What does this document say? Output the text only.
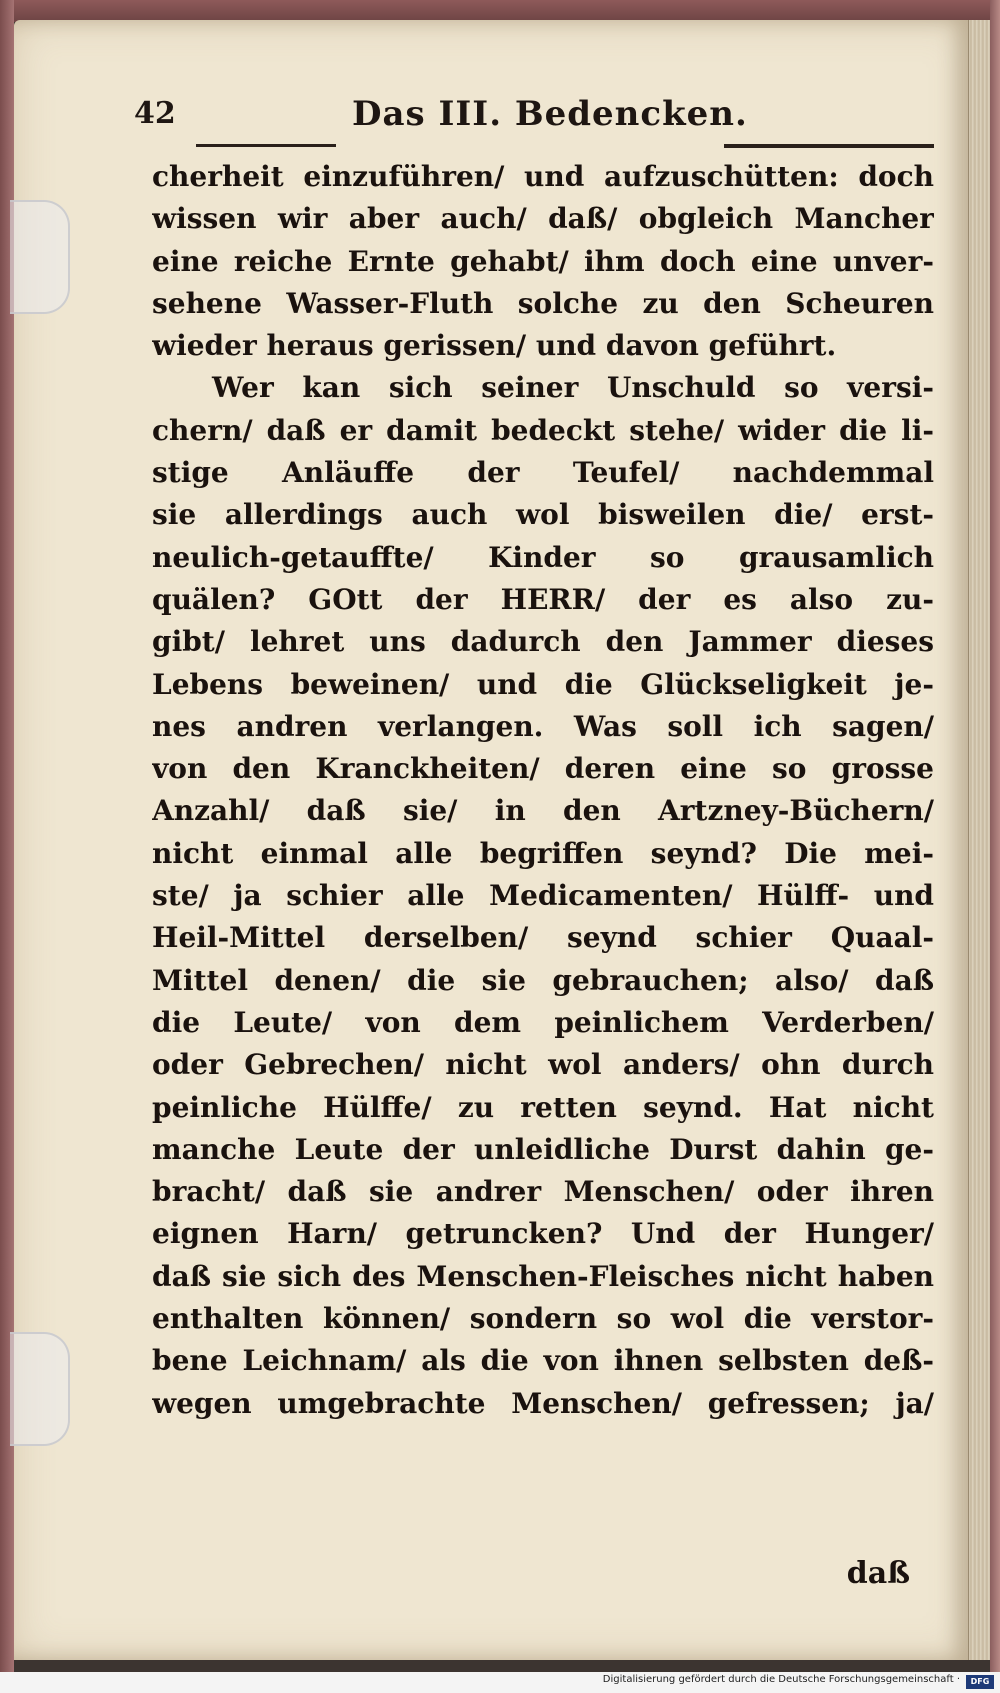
42	Das III. Bedencken.
cherheit einzuführen/ und aufzuschütten: doch
wissen wir aber auch/ daß/ obgleich Mancher
eine reiche Ernte gehabt/ ihm doch eine unver-
sehene Wasser-Fluth solche zu den Scheuren
wieder heraus gerissen/ und davon geführt.
Wer kan sich seiner Unschuld so versi-
chern/ daß er damit bedeckt stehe/ wider die li-
stige Anläuffe der Teufel/ nachdemmal
sie allerdings auch wol bisweilen die/ erst-
neulich-getauffte/ Kinder so grausamlich
quälen? GOtt der HERR/ der es also zu-
gibt/ lehret uns dadurch den Jammer dieses
Lebens beweinen/ und die Glückseligkeit je-
nes andren verlangen. Was soll ich sagen/
von den Kranckheiten/ deren eine so grosse
Anzahl/ daß sie/ in den Artzney-Büchern/
nicht einmal alle begriffen seynd? Die mei-
ste/ ja schier alle Medicamenten/ Hülff- und
Heil-Mittel derselben/ seynd schier Quaal-
Mittel denen/ die sie gebrauchen; also/ daß
die Leute/ von dem peinlichem Verderben/
oder Gebrechen/ nicht wol anders/ ohn durch
peinliche Hülffe/ zu retten seynd. Hat nicht
manche Leute der unleidliche Durst dahin ge-
bracht/ daß sie andrer Menschen/ oder ihren
eignen Harn/ getruncken? Und der Hunger/
daß sie sich des Menschen-Fleisches nicht haben
enthalten können/ sondern so wol die verstor-
bene Leichnam/ als die von ihnen selbsten deß-
wegen umgebrachte Menschen/ gefressen; ja/
daß
Digitalisierung gefördert durch die Deutsche Forschungsgemeinschaft ·	DFG
